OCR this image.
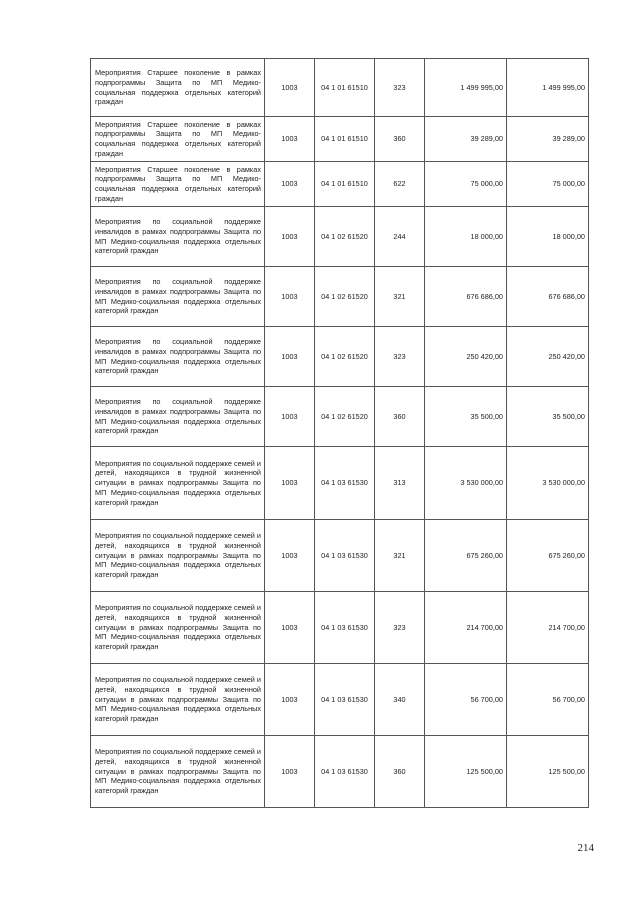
Мероприятия Старшее поколение в рамках подпрограммы Защита по МП Медико-социальная поддержка отдельных категорий граждан	1003	04 1 01 61510	323	1 499 995,00	1 499 995,00
Мероприятия Старшее поколение в рамках подпрограммы Защита по МП Медико-социальная поддержка отдельных категорий граждан	1003	04 1 01 61510	360	39 289,00	39 289,00
Мероприятия Старшее поколение в рамках подпрограммы Защита по МП Медико-социальная поддержка отдельных категорий граждан	1003	04 1 01 61510	622	75 000,00	75 000,00
Мероприятия по социальной поддержке инвалидов в рамках подпрограммы Защита по МП Медико-социальная поддержка отдельных категорий граждан	1003	04 1 02 61520	244	18 000,00	18 000,00
Мероприятия по социальной поддержке инвалидов в рамках подпрограммы Защита по МП Медико-социальная поддержка отдельных категорий граждан	1003	04 1 02 61520	321	676 686,00	676 686,00
Мероприятия по социальной поддержке инвалидов в рамках подпрограммы Защита по МП Медико-социальная поддержка отдельных категорий граждан	1003	04 1 02 61520	323	250 420,00	250 420,00
Мероприятия по социальной поддержке инвалидов в рамках подпрограммы Защита по МП Медико-социальная поддержка отдельных категорий граждан	1003	04 1 02 61520	360	35 500,00	35 500,00
Мероприятия по социальной поддержке семей и детей, находящихся в трудной жизненной ситуации в рамках подпрограммы Защита по МП Медико-социальная поддержка отдельных категорий граждан	1003	04 1 03 61530	313	3 530 000,00	3 530 000,00
Мероприятия по социальной поддержке семей и детей, находящихся в трудной жизненной ситуации в рамках подпрограммы Защита по МП Медико-социальная поддержка отдельных категорий граждан	1003	04 1 03 61530	321	675 260,00	675 260,00
Мероприятия по социальной поддержке семей и детей, находящихся в трудной жизненной ситуации в рамках подпрограммы Защита по МП Медико-социальная поддержка отдельных категорий граждан	1003	04 1 03 61530	323	214 700,00	214 700,00
Мероприятия по социальной поддержке семей и детей, находящихся в трудной жизненной ситуации в рамках подпрограммы Защита по МП Медико-социальная поддержка отдельных категорий граждан	1003	04 1 03 61530	340	56 700,00	56 700,00
Мероприятия по социальной поддержке семей и детей, находящихся в трудной жизненной ситуации в рамках подпрограммы Защита по МП Медико-социальная поддержка отдельных категорий граждан	1003	04 1 03 61530	360	125 500,00	125 500,00
214
